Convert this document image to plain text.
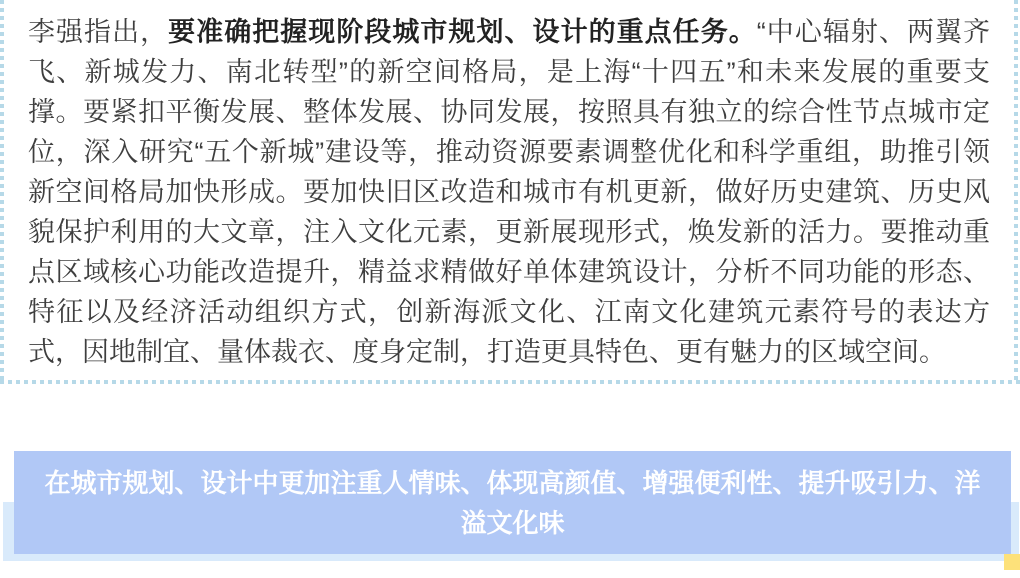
李强指出，要准确把握现阶段城市规划、设计的重点任务。“中心辐射、两翼齐飞、新城发力、南北转型”的新空间格局，是上海“十四五”和未来发展的重要支撑。要紧扣平衡发展、整体发展、协同发展，按照具有独立的综合性节点城市定位，深入研究“五个新城”建设等，推动资源要素调整优化和科学重组，助推引领新空间格局加快形成。要加快旧区改造和城市有机更新，做好历史建筑、历史风貌保护利用的大文章，注入文化元素，更新展现形式，焕发新的活力。要推动重点区域核心功能改造提升，精益求精做好单体建筑设计，分析不同功能的形态、特征以及经济活动组织方式，创新海派文化、江南文化建筑元素符号的表达方式，因地制宜、量体裁衣、度身定制，打造更具特色、更有魅力的区域空间。

在城市规划、设计中更加注重人情味、体现高颜值、增强便利性、提升吸引力、洋溢文化味
